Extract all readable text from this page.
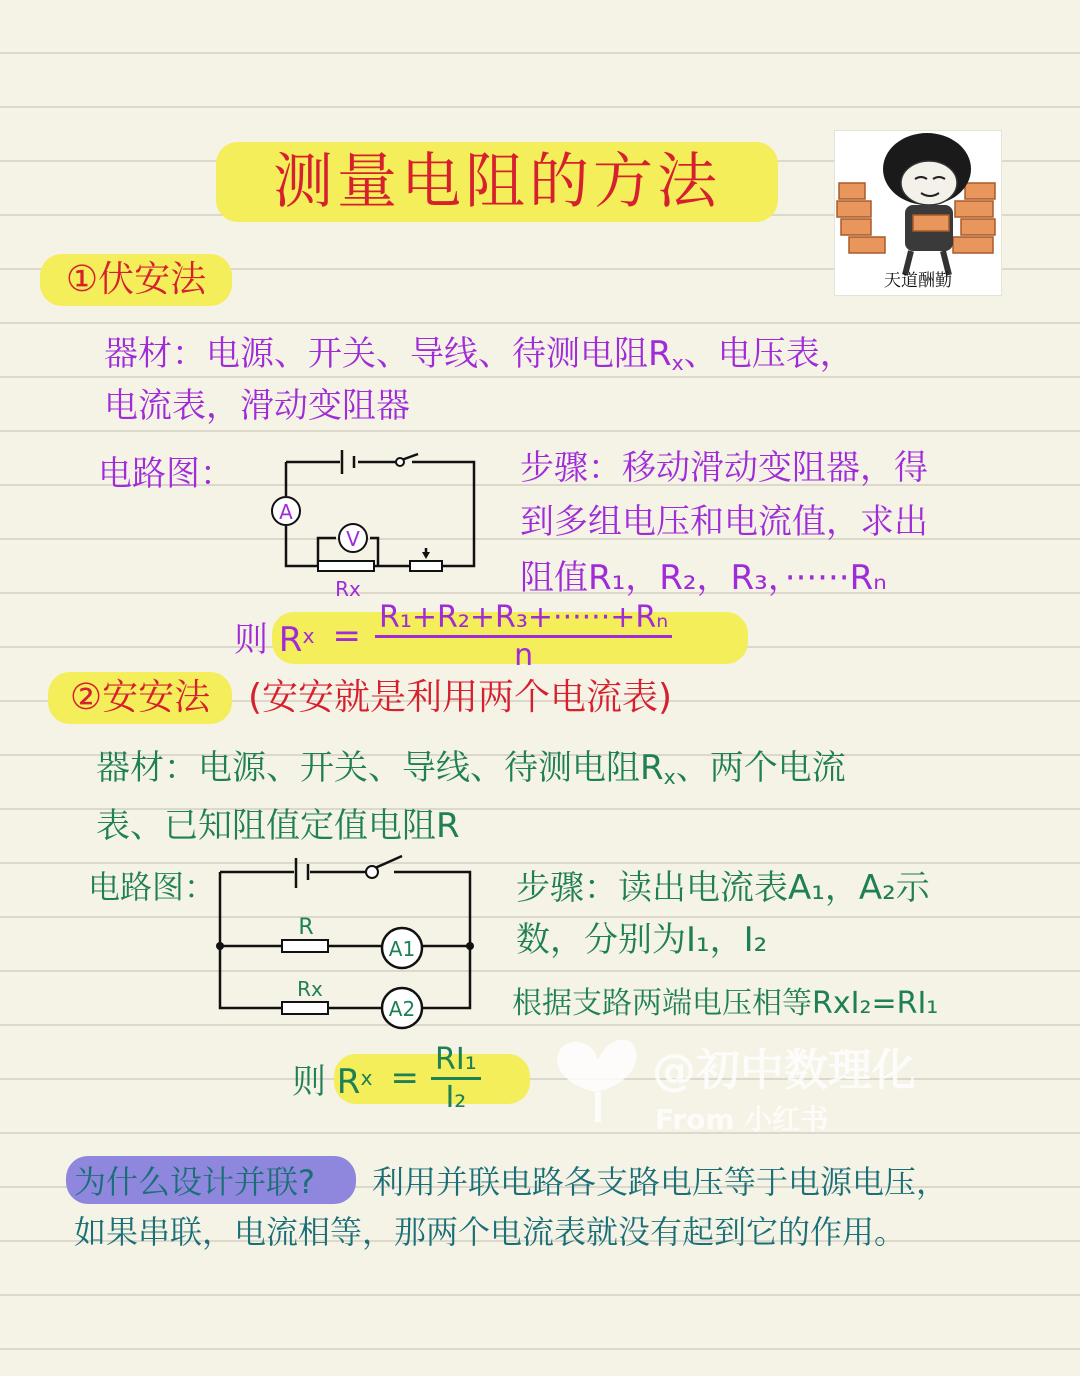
测量电阻的方法
天道酬勤
①伏安法
器材：电源、开关、导线、待测电阻$R_x$、电压表，
电流表，滑动变阻器
电路图：
A
V
Rx
步骤：移动滑动变阻器，得
到多组电压和电流值，求出
阻值R₁，R₂，R₃，······Rₙ
则 R $x = \frac{\text{R₁+R₂+R₃+······+Rₙ}}{n}$
②安安法	(安安就是利用两个电流表)
器材：电源、开关、导线、待测电阻$R_x$、两个电流
表、已知阻值定值电阻R
电路图：
R
Rx
A1
A2
步骤：读出电流表A₁，A₂示
数，分别为I₁，I₂
根据支路两端电压相等RxI₂=RI₁
则 R $x = \frac{\text{RI₁}}{\text{I₂}}$	@初中数理化
From 小红书
为什么设计并联? 利用并联电路各支路电压等于电源电压，
如果串联，电流相等，那两个电流表就没有起到它的作用。
